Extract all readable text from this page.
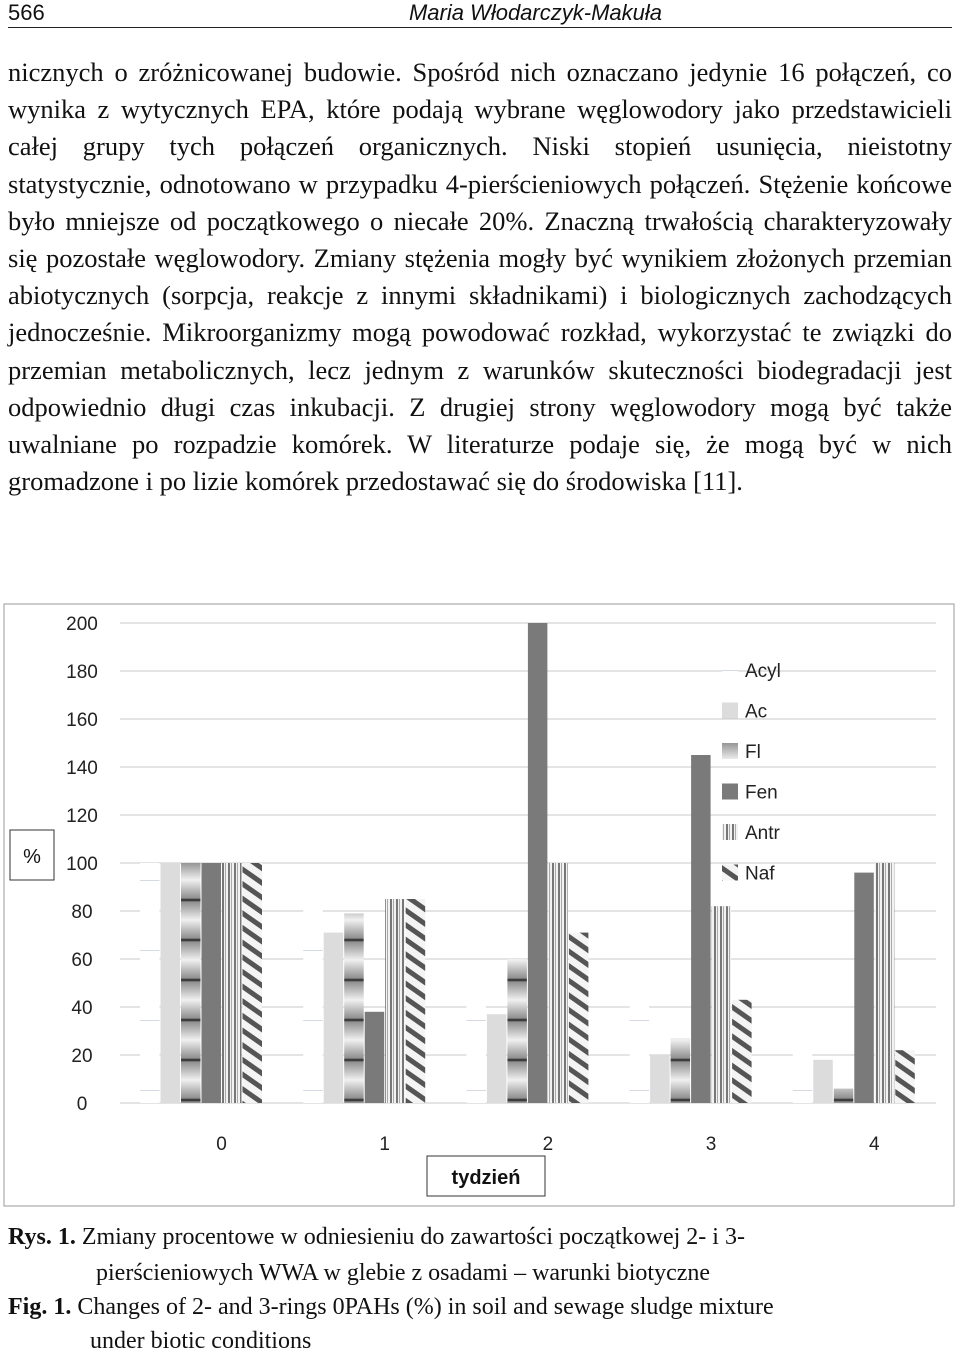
566	Maria Włodarczyk-Makuła

nicznych o zróżnicowanej budowie. Spośród nich oznaczano jedynie 16 połączeń, co wynika z wytycznych EPA, które podają wybrane węglowodory jako przedstawicieli całej grupy tych połączeń organicznych. Niski stopień usunięcia, nieistotny statystycznie, odnotowano w przypadku 4-pierścieniowych połączeń. Stężenie końcowe było mniejsze od początkowego o niecałe 20%. Znaczną trwałością charakteryzowały się pozostałe węglowodory. Zmiany stężenia mogły być wynikiem złożonych przemian abiotycznych (sorpcja, reakcje z innymi składnikami) i biologicznych zachodzących jednocześnie. Mikroorganizmy mogą powodować rozkład, wykorzystać te związki do przemian metabolicznych, lecz jednym z warunków skuteczności biodegradacji jest odpowiednio długi czas inkubacji. Z drugiej strony węglowodory mogą być także uwalniane po rozpadzie komórek. W literaturze podaje się, że mogą być w nich gromadzone i po lizie komórek przedostawać się do środowiska [11].

0
20
40
60
80
100
120
140
160
180
200
0	1	2	3	4
Acyl
Ac
Fl
Fen
Antr
Naf
%
tydzień
Rys. 1. Zmiany procentowe w odniesieniu do zawartości początkowej 2- i 3-
pierścieniowych WWA w glebie z osadami – warunki biotyczne
Fig. 1. Changes of 2- and 3-rings 0PAHs (%) in soil and sewage sludge mixture
under biotic conditions
